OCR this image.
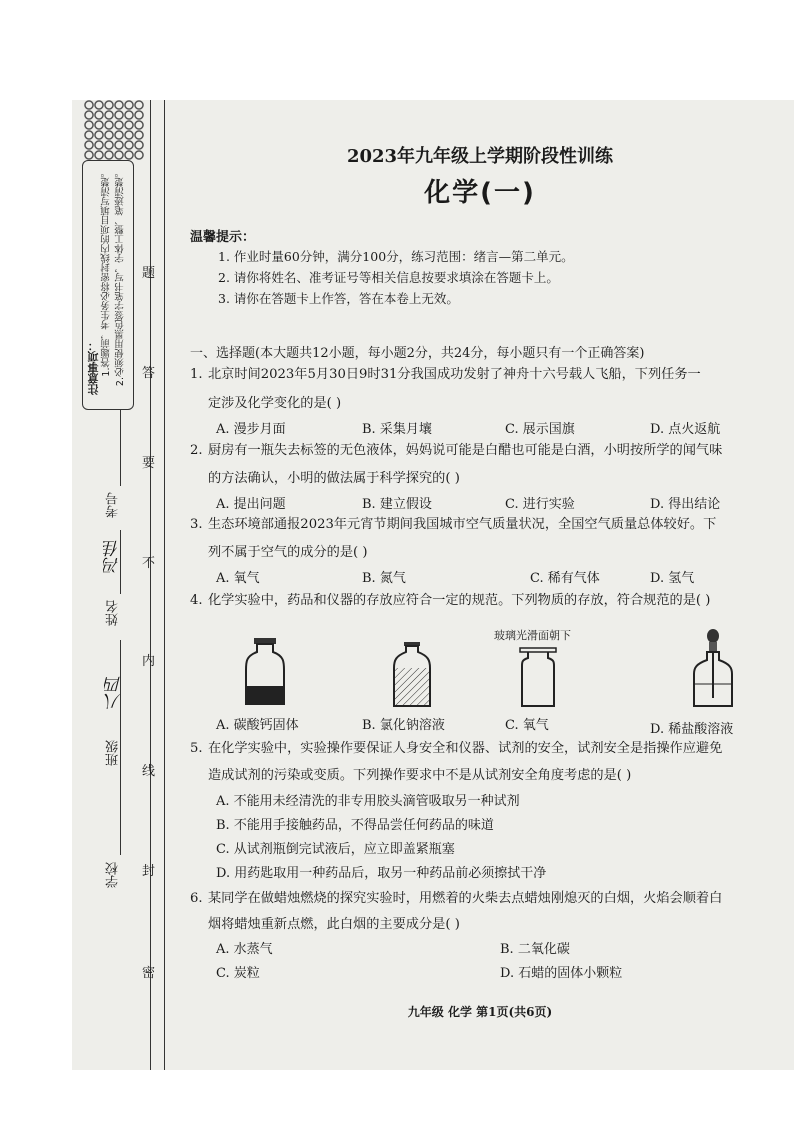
注意事项： 1.答题前，考生务必将密封线内的项目填写清楚。 2.必须使用黑色签字笔书写，字体工整、笔迹清楚。
密
封
线
内
不
要
答
题
学校
班级
八四
姓名
冯佳
考号
2023年九年级上学期阶段性训练
化学(一)
温馨提示：
1. 作业时量60分钟，满分100分，练习范围：绪言—第二单元。
2. 请你将姓名、准考证号等相关信息按要求填涂在答题卡上。
3. 请你在答题卡上作答，答在本卷上无效。
一、选择题(本大题共12小题，每小题2分，共24分，每小题只有一个正确答案)
1. 北京时间2023年5月30日9时31分我国成功发射了神舟十六号载人飞船，下列任务一
定涉及化学变化的是( )
A. 漫步月面	B. 采集月壤	C. 展示国旗	D. 点火返航
2. 厨房有一瓶失去标签的无色液体，妈妈说可能是白醋也可能是白酒，小明按所学的闻气味
的方法确认，小明的做法属于科学探究的( )
A. 提出问题	B. 建立假设	C. 进行实验	D. 得出结论
3. 生态环境部通报2023年元宵节期间我国城市空气质量状况，全国空气质量总体较好。下
列不属于空气的成分的是( )
A. 氧气	B. 氮气	C. 稀有气体	D. 氢气
4. 化学实验中，药品和仪器的存放应符合一定的规范。下列物质的存放，符合规范的是( )
玻璃光滑面朝下
A. 碳酸钙固体	B. 氯化钠溶液	C. 氧气	D. 稀盐酸溶液
5. 在化学实验中，实验操作要保证人身安全和仪器、试剂的安全，试剂安全是指操作应避免
造成试剂的污染或变质。下列操作要求中不是从试剂安全角度考虑的是( )
A. 不能用未经清洗的非专用胶头滴管吸取另一种试剂
B. 不能用手接触药品，不得品尝任何药品的味道
C. 从试剂瓶倒完试液后，应立即盖紧瓶塞
D. 用药匙取用一种药品后，取另一种药品前必须擦拭干净
6. 某同学在做蜡烛燃烧的探究实验时，用燃着的火柴去点蜡烛刚熄灭的白烟，火焰会顺着白
烟将蜡烛重新点燃，此白烟的主要成分是( )
A. 水蒸气	B. 二氧化碳
C. 炭粒	D. 石蜡的固体小颗粒
九年级 化学 第1页(共6页)
